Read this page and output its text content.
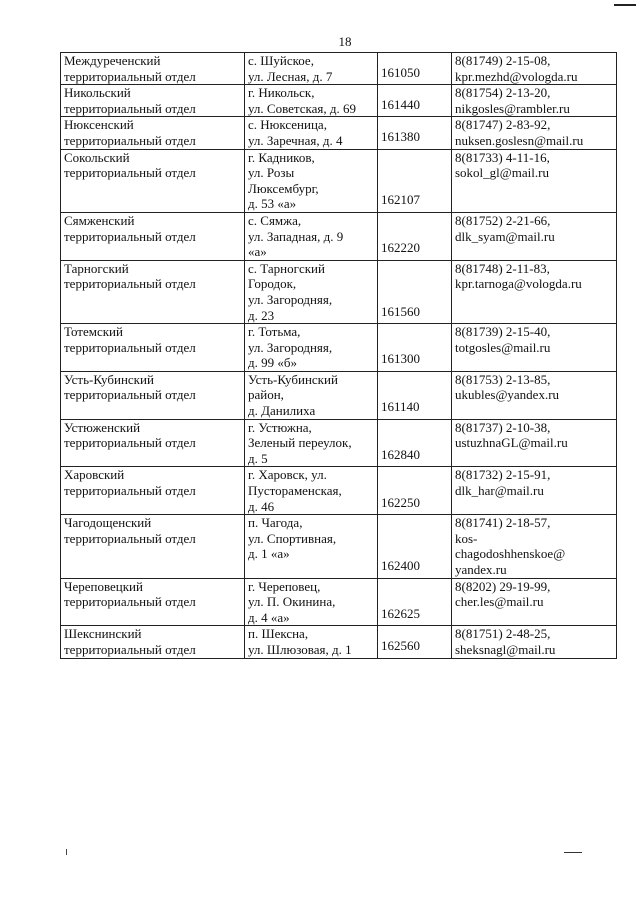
18
Междуреченский
территориальный отдел	с. Шуйское,
ул. Лесная, д. 7	161050	8(81749) 2-15-08,
kpr.mezhd@vologda.ru

Никольский
территориальный отдел	г. Никольск,
ул. Советская, д. 69	161440	8(81754) 2-13-20,
nikgosles@rambler.ru

Нюксенский
территориальный отдел	с. Нюксеница,
ул. Заречная, д. 4	161380	8(81747) 2-83-92,
nuksen.goslesn@mail.ru

Сокольский
территориальный отдел	г. Кадников,
ул. Розы
Люксембург,
д. 53 «а»	162107	8(81733) 4-11-16,
sokol_gl@mail.ru

Сямженский
территориальный отдел	с. Сямжа,
ул. Западная, д. 9
«а»	162220	8(81752) 2-21-66,
dlk_syam@mail.ru

Тарногский
территориальный отдел	с. Тарногский
Городок,
ул. Загородняя,
д. 23	161560	8(81748) 2-11-83,
kpr.tarnoga@vologda.ru

Тотемский
территориальный отдел	г. Тотьма,
ул. Загородняя,
д. 99 «б»	161300	8(81739) 2-15-40,
totgosles@mail.ru

Усть-Кубинский
территориальный отдел	Усть-Кубинский
район,
д. Данилиха	161140	8(81753) 2-13-85,
ukubles@yandex.ru

Устюженский
территориальный отдел	г. Устюжна,
Зеленый переулок,
д. 5	162840	8(81737) 2-10-38,
ustuzhnaGL@mail.ru

Харовский
территориальный отдел	г. Харовск, ул.
Пустораменская,
д. 46	162250	8(81732) 2-15-91,
dlk_har@mail.ru

Чагодощенский
территориальный отдел	п. Чагода,
ул. Спортивная,
д. 1 «а»	162400	8(81741) 2-18-57,
kos-
chagodoshhenskoe@
yandex.ru

Череповецкий
территориальный отдел	г. Череповец,
ул. П. Окинина,
д. 4 «а»	162625	8(8202) 29-19-99,
cher.les@mail.ru

Шекснинский
территориальный отдел	п. Шексна,
ул. Шлюзовая, д. 1	162560	8(81751) 2-48-25,
sheksnagl@mail.ru
